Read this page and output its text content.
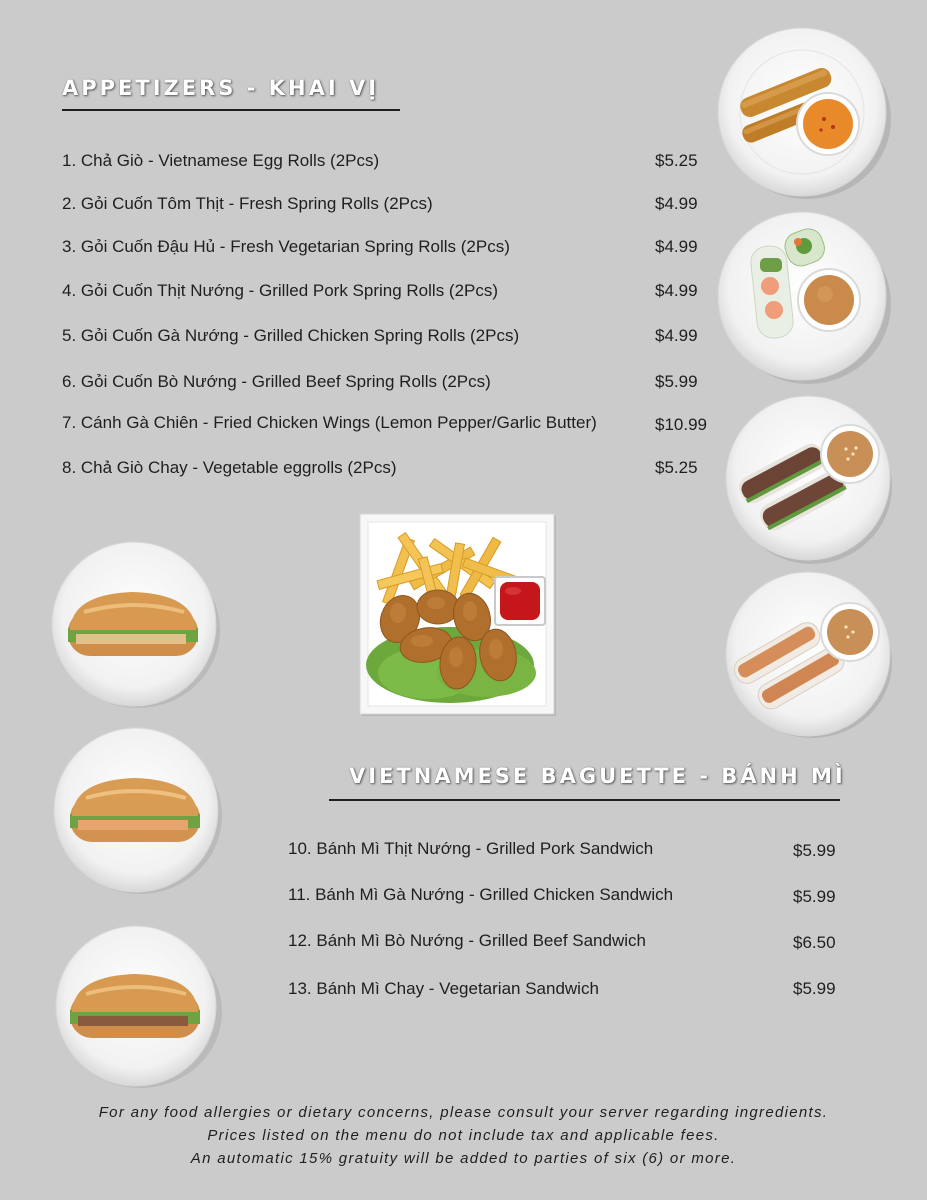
APPETIZERS - KHAI VỊ
1. Chả Giò - Vietnamese Egg Rolls (2Pcs)	$5.25
2. Gỏi Cuốn Tôm Thịt - Fresh Spring Rolls (2Pcs)	$4.99
3. Gỏi Cuốn Đậu Hủ - Fresh Vegetarian Spring Rolls (2Pcs)	$4.99
4. Gỏi Cuốn Thịt Nướng - Grilled Pork Spring Rolls (2Pcs)	$4.99
5. Gỏi Cuốn Gà Nướng - Grilled Chicken Spring Rolls (2Pcs)	$4.99
6. Gỏi Cuốn Bò Nướng - Grilled Beef Spring Rolls (2Pcs)	$5.99
7. Cánh Gà Chiên - Fried Chicken Wings (Lemon Pepper/Garlic Butter)	$10.99
8. Chả Giò Chay - Vegetable eggrolls (2Pcs)	$5.25
VIETNAMESE BAGUETTE - BÁNH MÌ
10. Bánh Mì Thịt Nướng - Grilled Pork Sandwich	$5.99
11. Bánh Mì Gà Nướng - Grilled Chicken Sandwich	$5.99
12. Bánh Mì Bò Nướng - Grilled Beef Sandwich	$6.50
13. Bánh Mì Chay - Vegetarian Sandwich	$5.99
For any food allergies or dietary concerns, please consult your server regarding ingredients.
Prices listed on the menu do not include tax and applicable fees.
An automatic 15% gratuity will be added to parties of six (6) or more.
